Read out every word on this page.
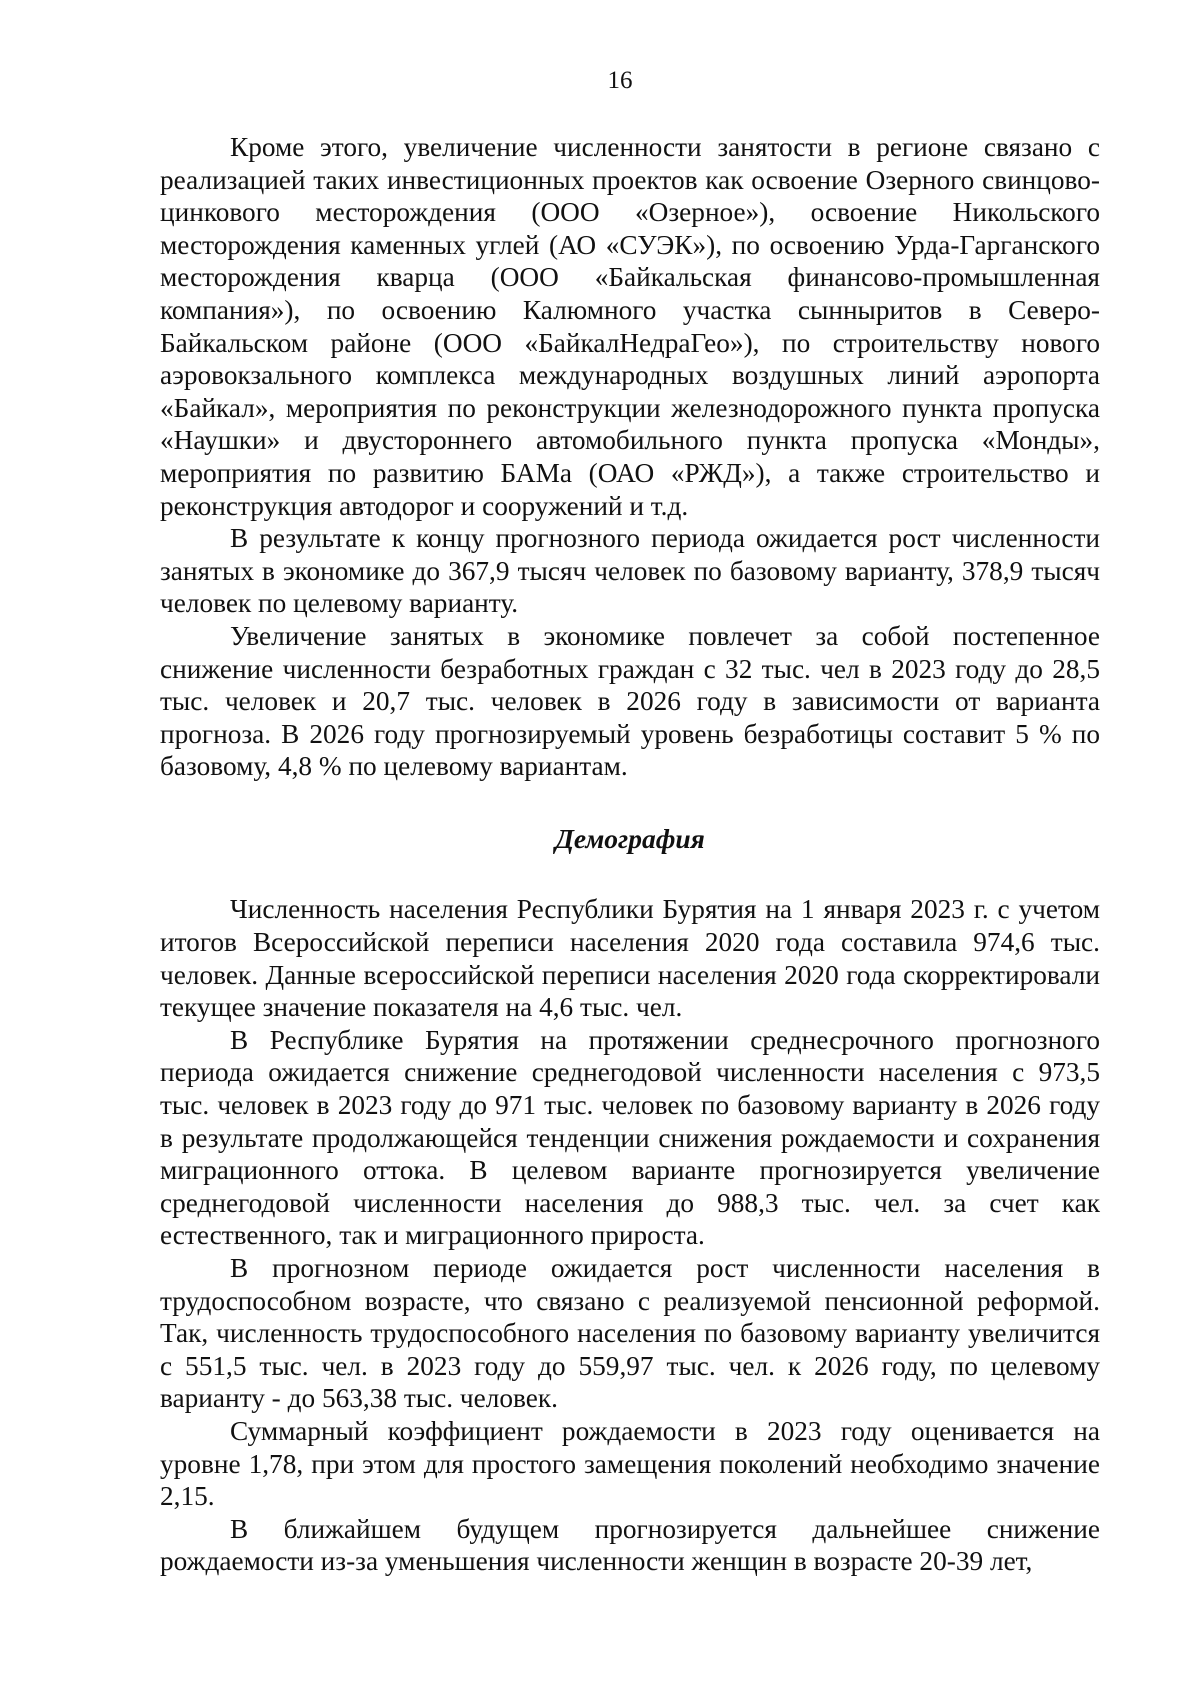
16

Кроме этого, увеличение численности занятости в регионе связано с реализацией таких инвестиционных проектов как освоение Озерного свинцово-цинкового месторождения (ООО «Озерное»), освоение Никольского месторождения каменных углей (АО «СУЭК»), по освоению Урда-Гарганского месторождения кварца (ООО «Байкальская финансово-промышленная компания»), по освоению Калюмного участка сынныритов в Северо-Байкальском районе (ООО «БайкалНедраГео»), по строительству нового аэровокзального комплекса международных воздушных линий аэропорта «Байкал», мероприятия по реконструкции железнодорожного пункта пропуска «Наушки» и двустороннего автомобильного пункта пропуска «Монды», мероприятия по развитию БАМа (ОАО «РЖД»), а также строительство и реконструкция автодорог и сооружений и т.д.

В результате к концу прогнозного периода ожидается рост численности занятых в экономике до 367,9 тысяч человек по базовому варианту, 378,9 тысяч человек по целевому варианту.

Увеличение занятых в экономике повлечет за собой постепенное снижение численности безработных граждан с 32 тыс. чел в 2023 году до 28,5 тыс. человек и 20,7 тыс. человек в 2026 году в зависимости от варианта прогноза. В 2026 году прогнозируемый уровень безработицы составит 5 % по базовому, 4,8 % по целевому вариантам.

Демография

Численность населения Республики Бурятия на 1 января 2023 г. с учетом итогов Всероссийской переписи населения 2020 года составила 974,6 тыс. человек. Данные всероссийской переписи населения 2020 года скорректировали текущее значение показателя на 4,6 тыс. чел.

В Республике Бурятия на протяжении среднесрочного прогнозного периода ожидается снижение среднегодовой численности населения с 973,5 тыс. человек в 2023 году до 971 тыс. человек по базовому варианту в 2026 году в результате продолжающейся тенденции снижения рождаемости и сохранения миграционного оттока. В целевом варианте прогнозируется увеличение среднегодовой численности населения до 988,3 тыс. чел. за счет как естественного, так и миграционного прироста.

В прогнозном периоде ожидается рост численности населения в трудоспособном возрасте, что связано с реализуемой пенсионной реформой. Так, численность трудоспособного населения по базовому варианту увеличится с 551,5 тыс. чел. в 2023 году до 559,97 тыс. чел. к 2026 году, по целевому варианту - до 563,38 тыс. человек.

Суммарный коэффициент рождаемости в 2023 году оценивается на уровне 1,78, при этом для простого замещения поколений необходимо значение 2,15.

В ближайшем будущем прогнозируется дальнейшее снижение рождаемости из-за уменьшения численности женщин в возрасте 20-39 лет,
